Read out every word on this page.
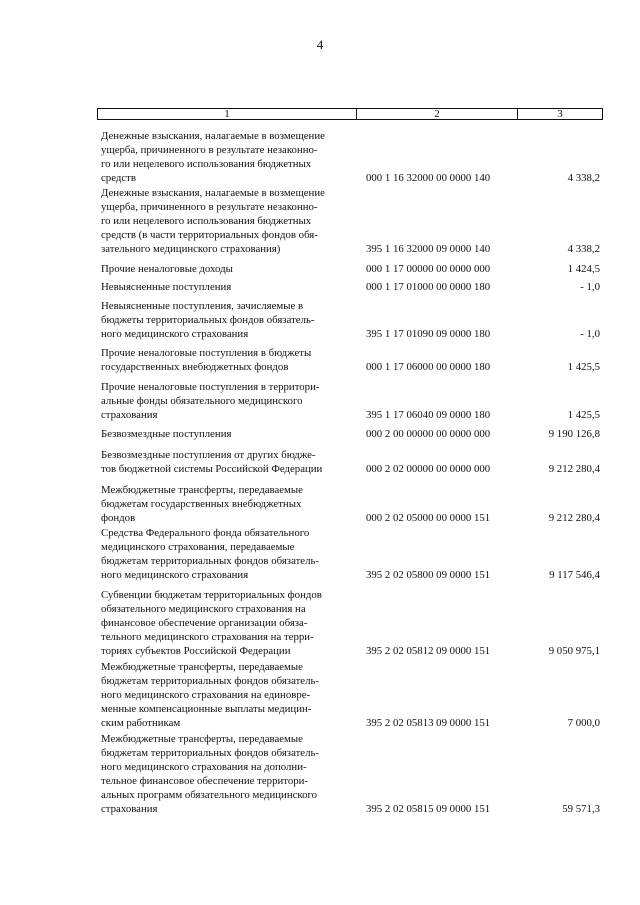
4
1	2	3
Денежные взыскания, налагаемые в возмещение
ущерба, причиненного в результате незаконно-
го или нецелевого использования бюджетных
средств	000 1 16 32000 00 0000 140	4 338,2
Денежные взыскания, налагаемые в возмещение
ущерба, причиненного в результате незаконно-
го или нецелевого использования бюджетных
средств (в части территориальных фондов обя-
зательного медицинского страхования)	395 1 16 32000 09 0000 140	4 338,2
Прочие неналоговые доходы	000 1 17 00000 00 0000 000	1 424,5
Невыясненные поступления	000 1 17 01000 00 0000 180	- 1,0
Невыясненные поступления, зачисляемые в
бюджеты территориальных фондов обязатель-
ного медицинского страхования	395 1 17 01090 09 0000 180	- 1,0
Прочие неналоговые поступления в бюджеты
государственных внебюджетных фондов	000 1 17 06000 00 0000 180	1 425,5
Прочие неналоговые поступления в территори-
альные фонды обязательного медицинского
страхования	395 1 17 06040 09 0000 180	1 425,5
Безвозмездные поступления	000 2 00 00000 00 0000 000	9 190 126,8
Безвозмездные поступления от других бюдже-
тов бюджетной системы Российской Федерации	000 2 02 00000 00 0000 000	9 212 280,4
Межбюджетные трансферты, передаваемые
бюджетам государственных внебюджетных
фондов	000 2 02 05000 00 0000 151	9 212 280,4
Средства Федерального фонда обязательного
медицинского страхования, передаваемые
бюджетам территориальных фондов обязатель-
ного медицинского страхования	395 2 02 05800 09 0000 151	9 117 546,4
Субвенции бюджетам территориальных фондов
обязательного медицинского страхования на
финансовое обеспечение организации обяза-
тельного медицинского страхования на терри-
ториях субъектов Российской Федерации	395 2 02 05812 09 0000 151	9 050 975,1
Межбюджетные трансферты, передаваемые
бюджетам территориальных фондов обязатель-
ного медицинского страхования на единовре-
менные компенсационные выплаты медицин-
ским работникам	395 2 02 05813 09 0000 151	7 000,0
Межбюджетные трансферты, передаваемые
бюджетам территориальных фондов обязатель-
ного медицинского страхования на дополни-
тельное финансовое обеспечение территори-
альных программ обязательного медицинского
страхования	395 2 02 05815 09 0000 151	59 571,3
